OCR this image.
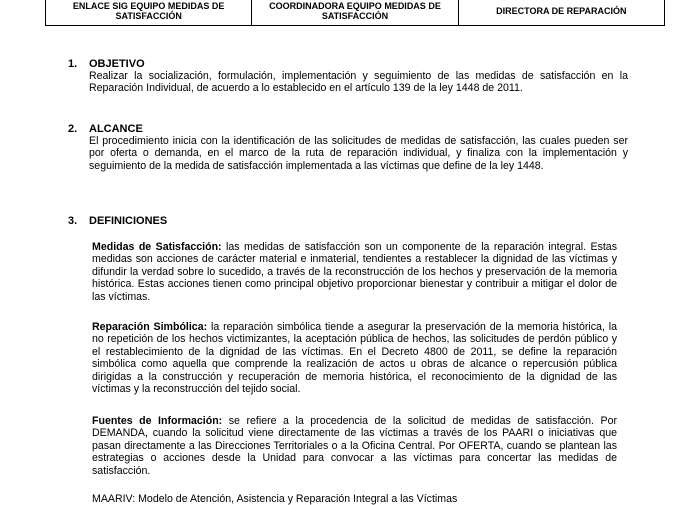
ENLACE SIG EQUIPO MEDIDAS DE SATISFACCIÓN	COORDINADORA EQUIPO MEDIDAS DE SATISFACCIÓN	DIRECTORA DE REPARACIÓN
1. OBJETIVO
Realizar la socialización, formulación, implementación y seguimiento de las medidas de satisfacción en la Reparación Individual, de acuerdo a lo establecido en el artículo 139 de la ley 1448 de 2011.
2. ALCANCE
El procedimiento inicia con la identificación de las solicitudes de medidas de satisfacción, las cuales pueden ser por oferta o demanda, en el marco de la ruta de reparación individual, y finaliza con la implementación y seguimiento de la medida de satisfacción implementada a las víctimas que define de la ley 1448.
3. DEFINICIONES
Medidas de Satisfacción: las medidas de satisfacción son un componente de la reparación integral. Estas medidas son acciones de carácter material e inmaterial, tendientes a restablecer la dignidad de las víctimas y difundir la verdad sobre lo sucedido, a través de la reconstrucción de los hechos y preservación de la memoria histórica. Estas acciones tienen como principal objetivo proporcionar bienestar y contribuir a mitigar el dolor de las víctimas.
Reparación Simbólica: la reparación simbólica tiende a asegurar la preservación de la memoria histórica, la no repetición de los hechos victimizantes, la aceptación pública de hechos, las solicitudes de perdón público y el restablecimiento de la dignidad de las víctimas. En el Decreto 4800 de 2011, se define la reparación simbólica como aquella que comprende la realización de actos u obras de alcance o repercusión pública dirigidas a la construcción y recuperación de memoria histórica, el reconocimiento de la dignidad de las víctimas y la reconstrucción del tejido social.
Fuentes de Información: se refiere a la procedencia de la solicitud de medidas de satisfacción. Por DEMANDA, cuando la solicitud viene directamente de las víctimas a través de los PAARI o iniciativas que pasan directamente a las Direcciones Territoriales o a la Oficina Central. Por OFERTA, cuando se plantean las estrategias o acciones desde la Unidad para convocar a las víctimas para concertar las medidas de satisfacción.
MAARIV: Modelo de Atención, Asistencia y Reparación Integral a las Víctimas
